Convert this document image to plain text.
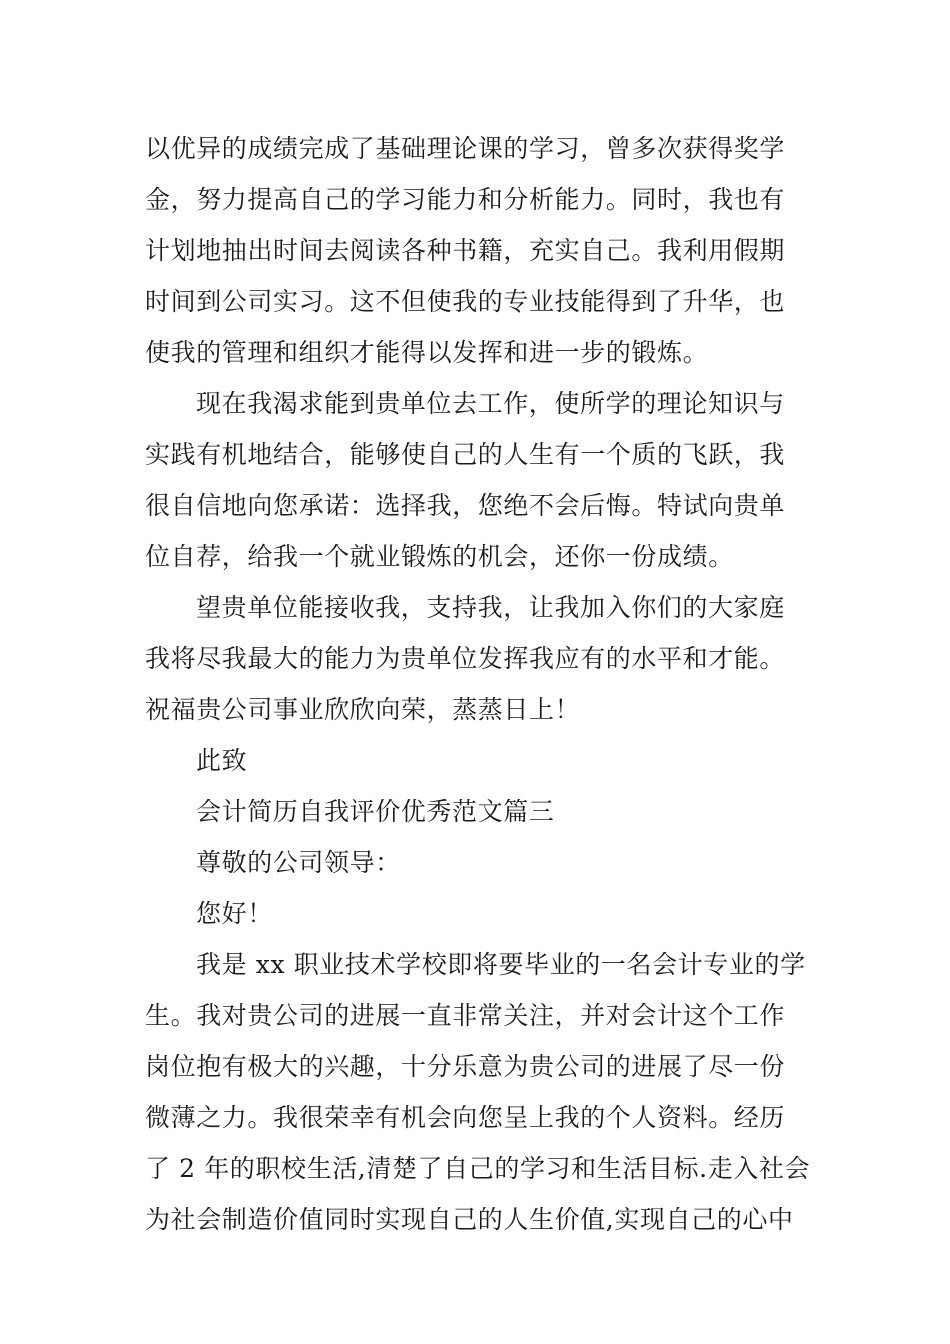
以优异的成绩完成了基础理论课的学习，曾多次获得奖学
金，努力提高自己的学习能力和分析能力。同时，我也有
计划地抽出时间去阅读各种书籍，充实自己。我利用假期
时间到公司实习。这不但使我的专业技能得到了升华，也
使我的管理和组织才能得以发挥和进一步的锻炼。
现在我渴求能到贵单位去工作，使所学的理论知识与
实践有机地结合，能够使自己的人生有一个质的飞跃，我
很自信地向您承诺：选择我，您绝不会后悔。特试向贵单
位自荐，给我一个就业锻炼的机会，还你一份成绩。
望贵单位能接收我，支持我，让我加入你们的大家庭
我将尽我最大的能力为贵单位发挥我应有的水平和才能。
祝福贵公司事业欣欣向荣，蒸蒸日上！
此致
会计简历自我评价优秀范文篇三
尊敬的公司领导：
您好！
我是 xx 职业技术学校即将要毕业的一名会计专业的学
生。我对贵公司的进展一直非常关注，并对会计这个工作
岗位抱有极大的兴趣，十分乐意为贵公司的进展了尽一份
微薄之力。我很荣幸有机会向您呈上我的个人资料。经历
了 2 年的职校生活,清楚了自己的学习和生活目标.走入社会
为社会制造价值同时实现自己的人生价值,实现自己的心中
